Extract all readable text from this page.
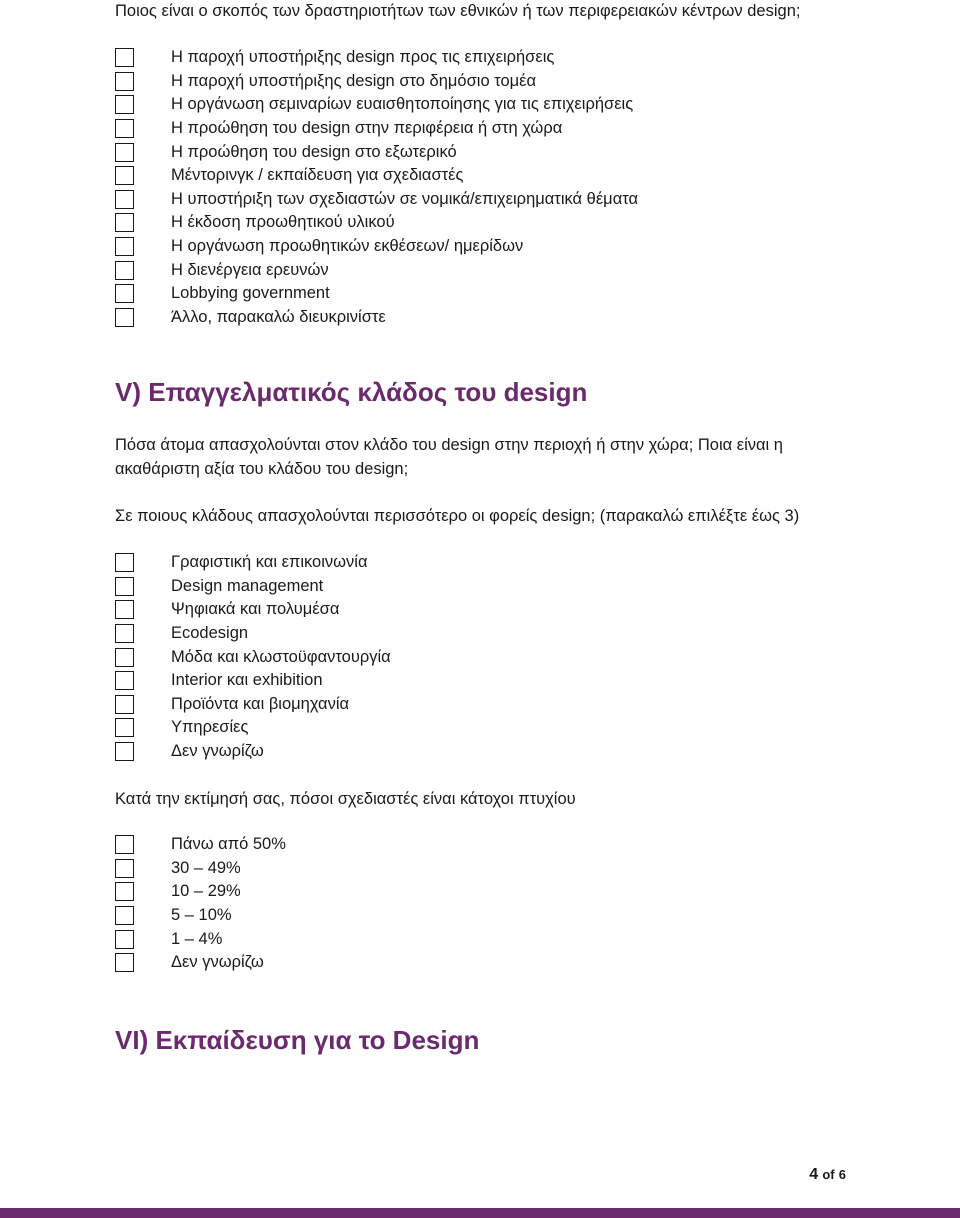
Ποιος είναι ο σκοπός των δραστηριοτήτων των εθνικών ή των περιφερειακών κέντρων design;

Η παροχή υποστήριξης design προς τις επιχειρήσεις
Η παροχή υποστήριξης design στο δημόσιο τομέα
Η οργάνωση σεμιναρίων ευαισθητοποίησης για τις επιχειρήσεις
Η προώθηση του design στην περιφέρεια ή στη χώρα
Η προώθηση του design στο εξωτερικό
Μέντορινγκ / εκπαίδευση για σχεδιαστές
Η υποστήριξη των σχεδιαστών σε νομικά/επιχειρηματικά θέματα
Η έκδοση προωθητικού υλικού
Η οργάνωση προωθητικών εκθέσεων/ ημερίδων
Η διενέργεια ερευνών
Lobbying government
Άλλο, παρακαλώ διευκρινίστε
V) Επαγγελματικός κλάδος του design

Πόσα άτομα απασχολούνται στον κλάδο του design στην περιοχή ή στην χώρα; Ποια είναι η ακαθάριστη αξία του κλάδου του design;

Σε ποιους κλάδους απασχολούνται περισσότερο οι φορείς design; (παρακαλώ επιλέξτε έως 3)

Γραφιστική και επικοινωνία
Design management
Ψηφιακά και πολυμέσα
Ecodesign
Μόδα και κλωστοϋφαντουργία
Interior και exhibition
Προϊόντα και βιομηχανία
Υπηρεσίες
Δεν γνωρίζω

Κατά την εκτίμησή σας, πόσοι σχεδιαστές είναι κάτοχοι πτυχίου

Πάνω από 50%
30 – 49%
10 – 29%
5 – 10%
1 – 4%
Δεν γνωρίζω
VI) Εκπαίδευση για το Design
4 of 6
